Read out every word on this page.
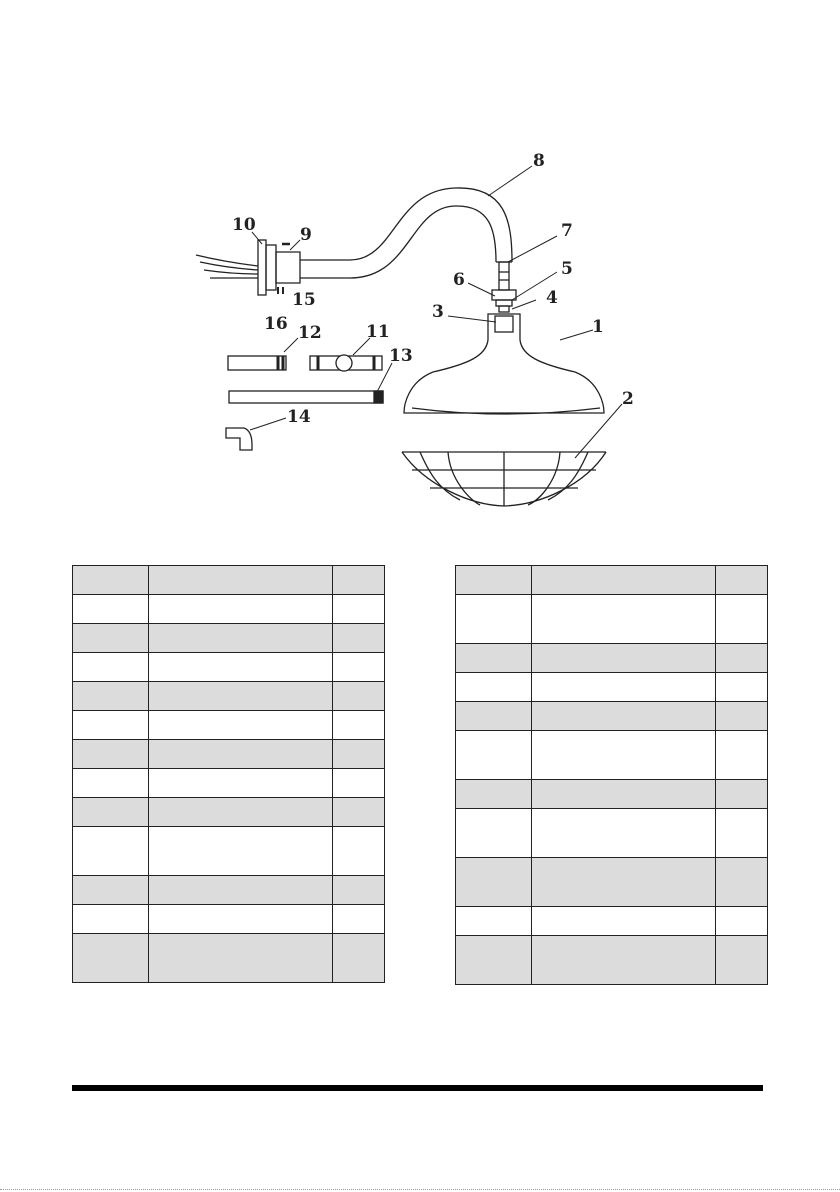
1
2
3
4
5
6
7
8
9
10
11
12
13
14
15
16
